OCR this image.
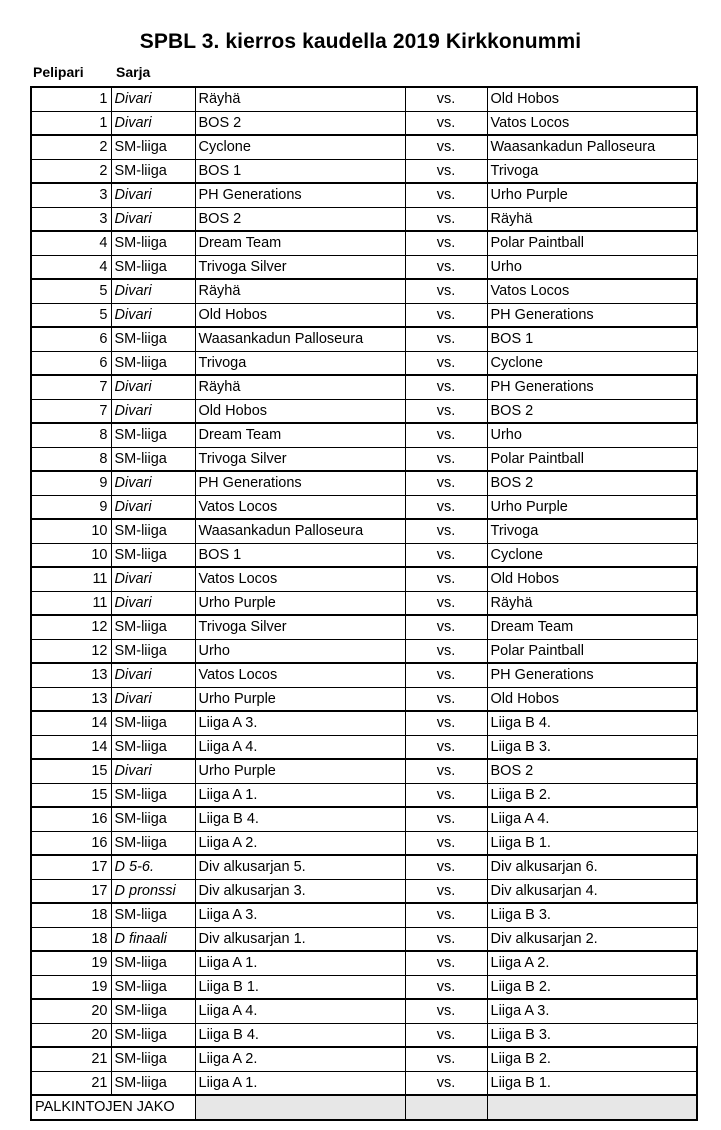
SPBL 3. kierros kaudella 2019 Kirkkonummi
Pelipari Sarja
1	Divari	Räyhä	vs.	Old Hobos
1	Divari	BOS 2	vs.	Vatos Locos
2	SM-liiga	Cyclone	vs.	Waasankadun Palloseura
2	SM-liiga	BOS 1	vs.	Trivoga
3	Divari	PH Generations	vs.	Urho Purple
3	Divari	BOS 2	vs.	Räyhä
4	SM-liiga	Dream Team	vs.	Polar Paintball
4	SM-liiga	Trivoga Silver	vs.	Urho
5	Divari	Räyhä	vs.	Vatos Locos
5	Divari	Old Hobos	vs.	PH Generations
6	SM-liiga	Waasankadun Palloseura	vs.	BOS 1
6	SM-liiga	Trivoga	vs.	Cyclone
7	Divari	Räyhä	vs.	PH Generations
7	Divari	Old Hobos	vs.	BOS 2
8	SM-liiga	Dream Team	vs.	Urho
8	SM-liiga	Trivoga Silver	vs.	Polar Paintball
9	Divari	PH Generations	vs.	BOS 2
9	Divari	Vatos Locos	vs.	Urho Purple
10	SM-liiga	Waasankadun Palloseura	vs.	Trivoga
10	SM-liiga	BOS 1	vs.	Cyclone
11	Divari	Vatos Locos	vs.	Old Hobos
11	Divari	Urho Purple	vs.	Räyhä
12	SM-liiga	Trivoga Silver	vs.	Dream Team
12	SM-liiga	Urho	vs.	Polar Paintball
13	Divari	Vatos Locos	vs.	PH Generations
13	Divari	Urho Purple	vs.	Old Hobos
14	SM-liiga	Liiga A 3.	vs.	Liiga B 4.
14	SM-liiga	Liiga A 4.	vs.	Liiga B 3.
15	Divari	Urho Purple	vs.	BOS 2
15	SM-liiga	Liiga A 1.	vs.	Liiga B 2.
16	SM-liiga	Liiga B 4.	vs.	Liiga A 4.
16	SM-liiga	Liiga A 2.	vs.	Liiga B 1.
17	D 5-6.	Div alkusarjan 5.	vs.	Div alkusarjan 6.
17	D pronssi	Div alkusarjan 3.	vs.	Div alkusarjan 4.
18	SM-liiga	Liiga A 3.	vs.	Liiga B 3.
18	D finaali	Div alkusarjan 1.	vs.	Div alkusarjan 2.
19	SM-liiga	Liiga A 1.	vs.	Liiga A 2.
19	SM-liiga	Liiga B 1.	vs.	Liiga B 2.
20	SM-liiga	Liiga A 4.	vs.	Liiga A 3.
20	SM-liiga	Liiga B 4.	vs.	Liiga B 3.
21	SM-liiga	Liiga A 2.	vs.	Liiga B 2.
21	SM-liiga	Liiga A 1.	vs.	Liiga B 1.
PALKINTOJEN JAKO				
